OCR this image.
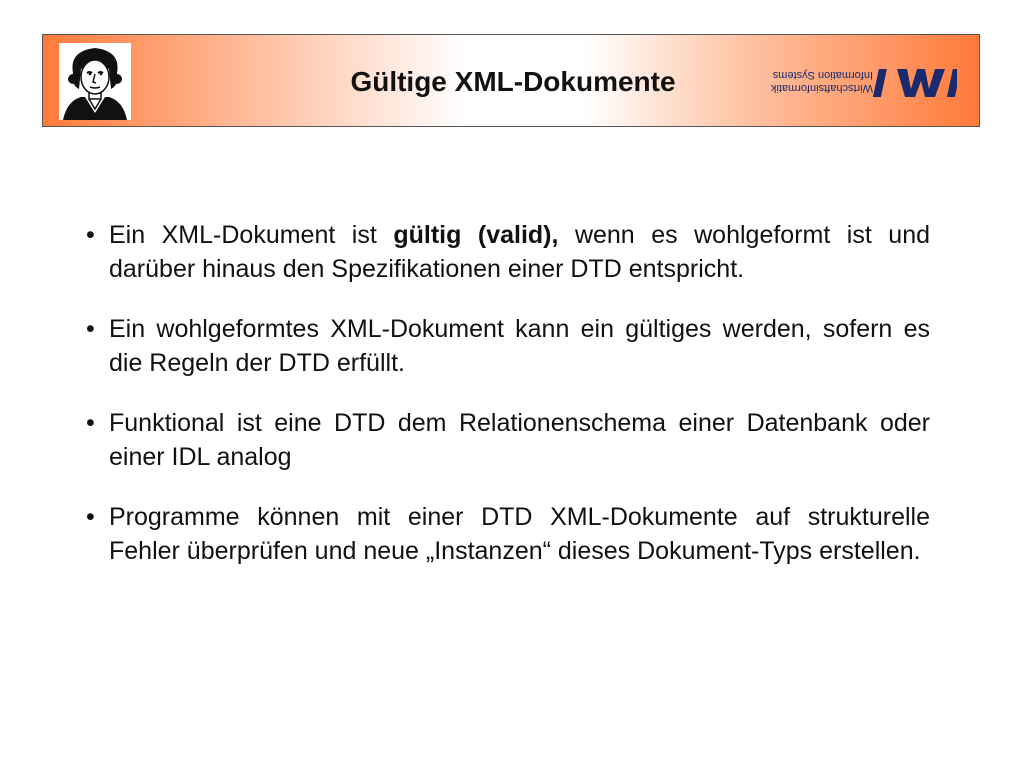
Gültige XML-Dokumente	Wirtschaftsinformatik
Information Systems
• Ein XML-Dokument ist gültig (valid), wenn es wohlgeformt ist und darüber hinaus den Spezifikationen einer DTD entspricht.
• Ein wohlgeformtes XML-Dokument kann ein gültiges werden, sofern es die Regeln der DTD erfüllt.
• Funktional ist eine DTD dem Relationenschema einer Datenbank oder einer IDL analog
• Programme können mit einer DTD XML-Dokumente auf strukturelle Fehler überprüfen und neue „Instanzen“ dieses Dokument-Typs erstellen.
